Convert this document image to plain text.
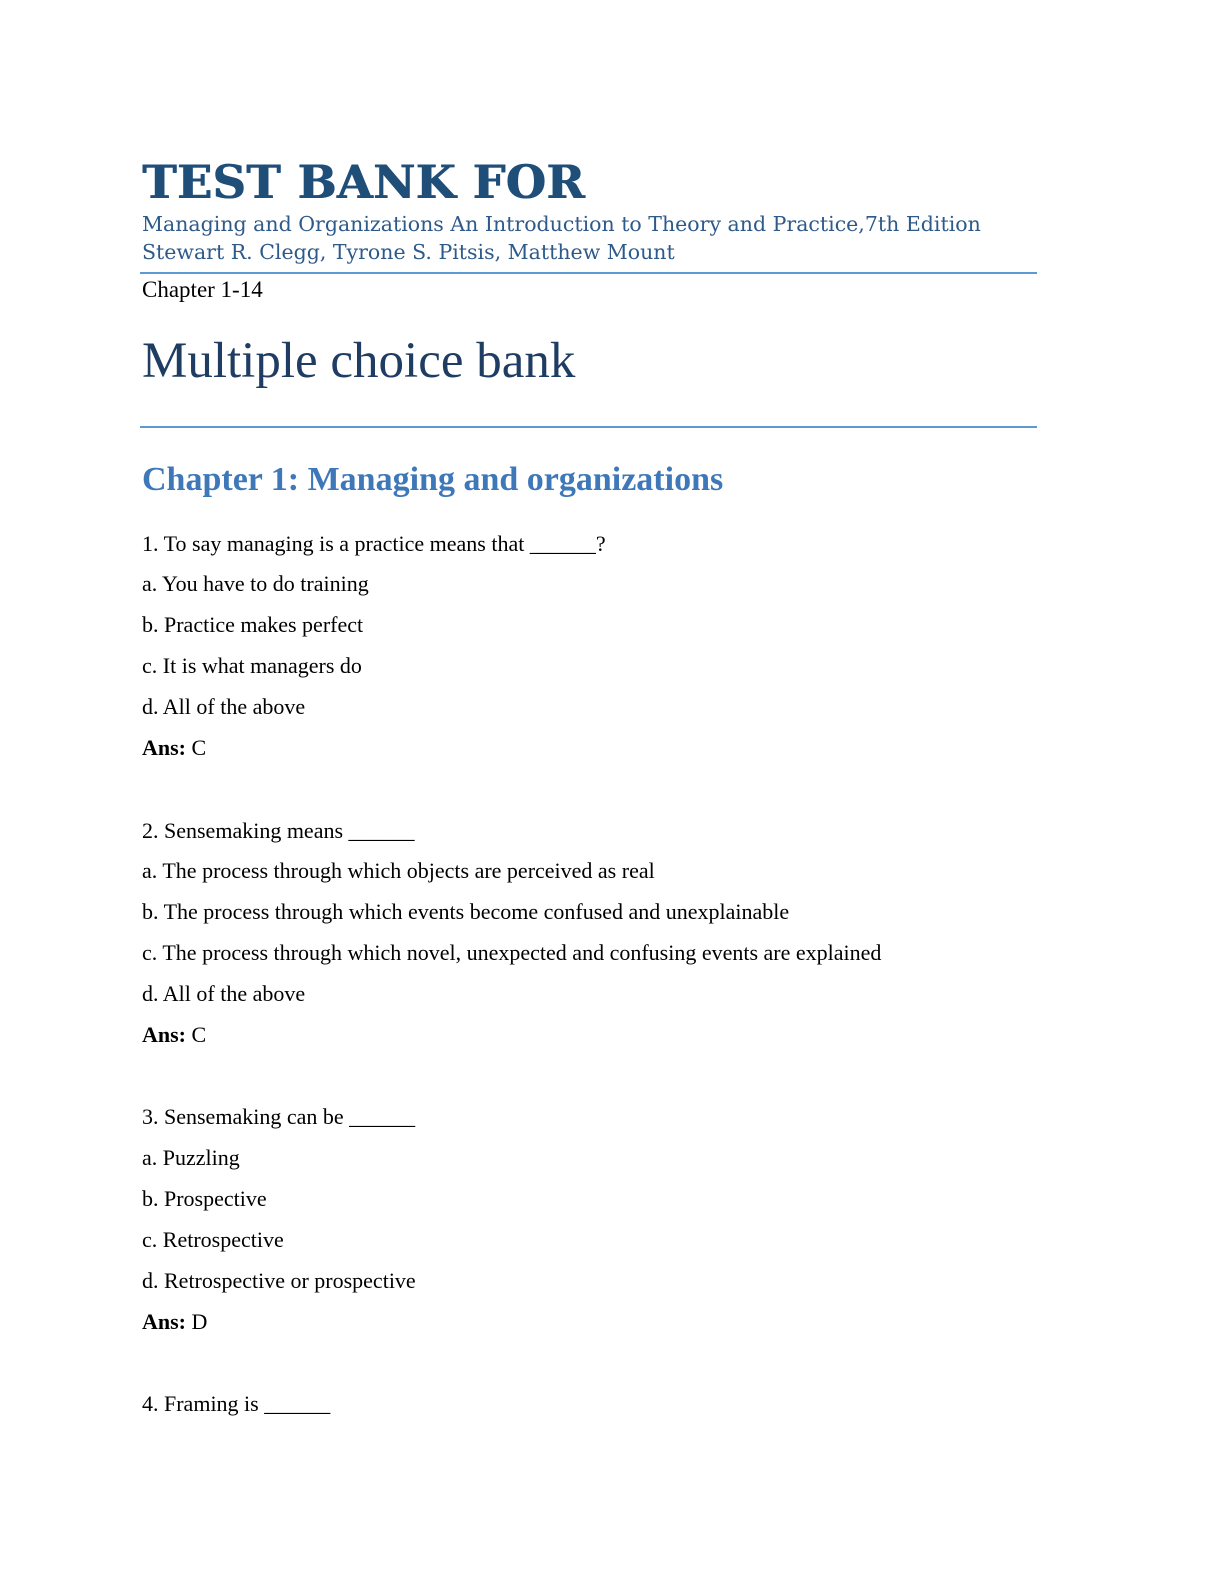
TEST BANK FOR
Managing and Organizations An Introduction to Theory and Practice,7th Edition Stewart R. Clegg, Tyrone S. Pitsis, Matthew Mount
Chapter 1-14
Multiple choice bank
Chapter 1: Managing and organizations
1. To say managing is a practice means that ______?
a. You have to do training
b. Practice makes perfect
c. It is what managers do
d. All of the above
Ans: C
2. Sensemaking means ______
a. The process through which objects are perceived as real
b. The process through which events become confused and unexplainable
c. The process through which novel, unexpected and confusing events are explained
d. All of the above
Ans: C
3. Sensemaking can be ______
a. Puzzling
b. Prospective
c. Retrospective
d. Retrospective or prospective
Ans: D
4. Framing is ______
